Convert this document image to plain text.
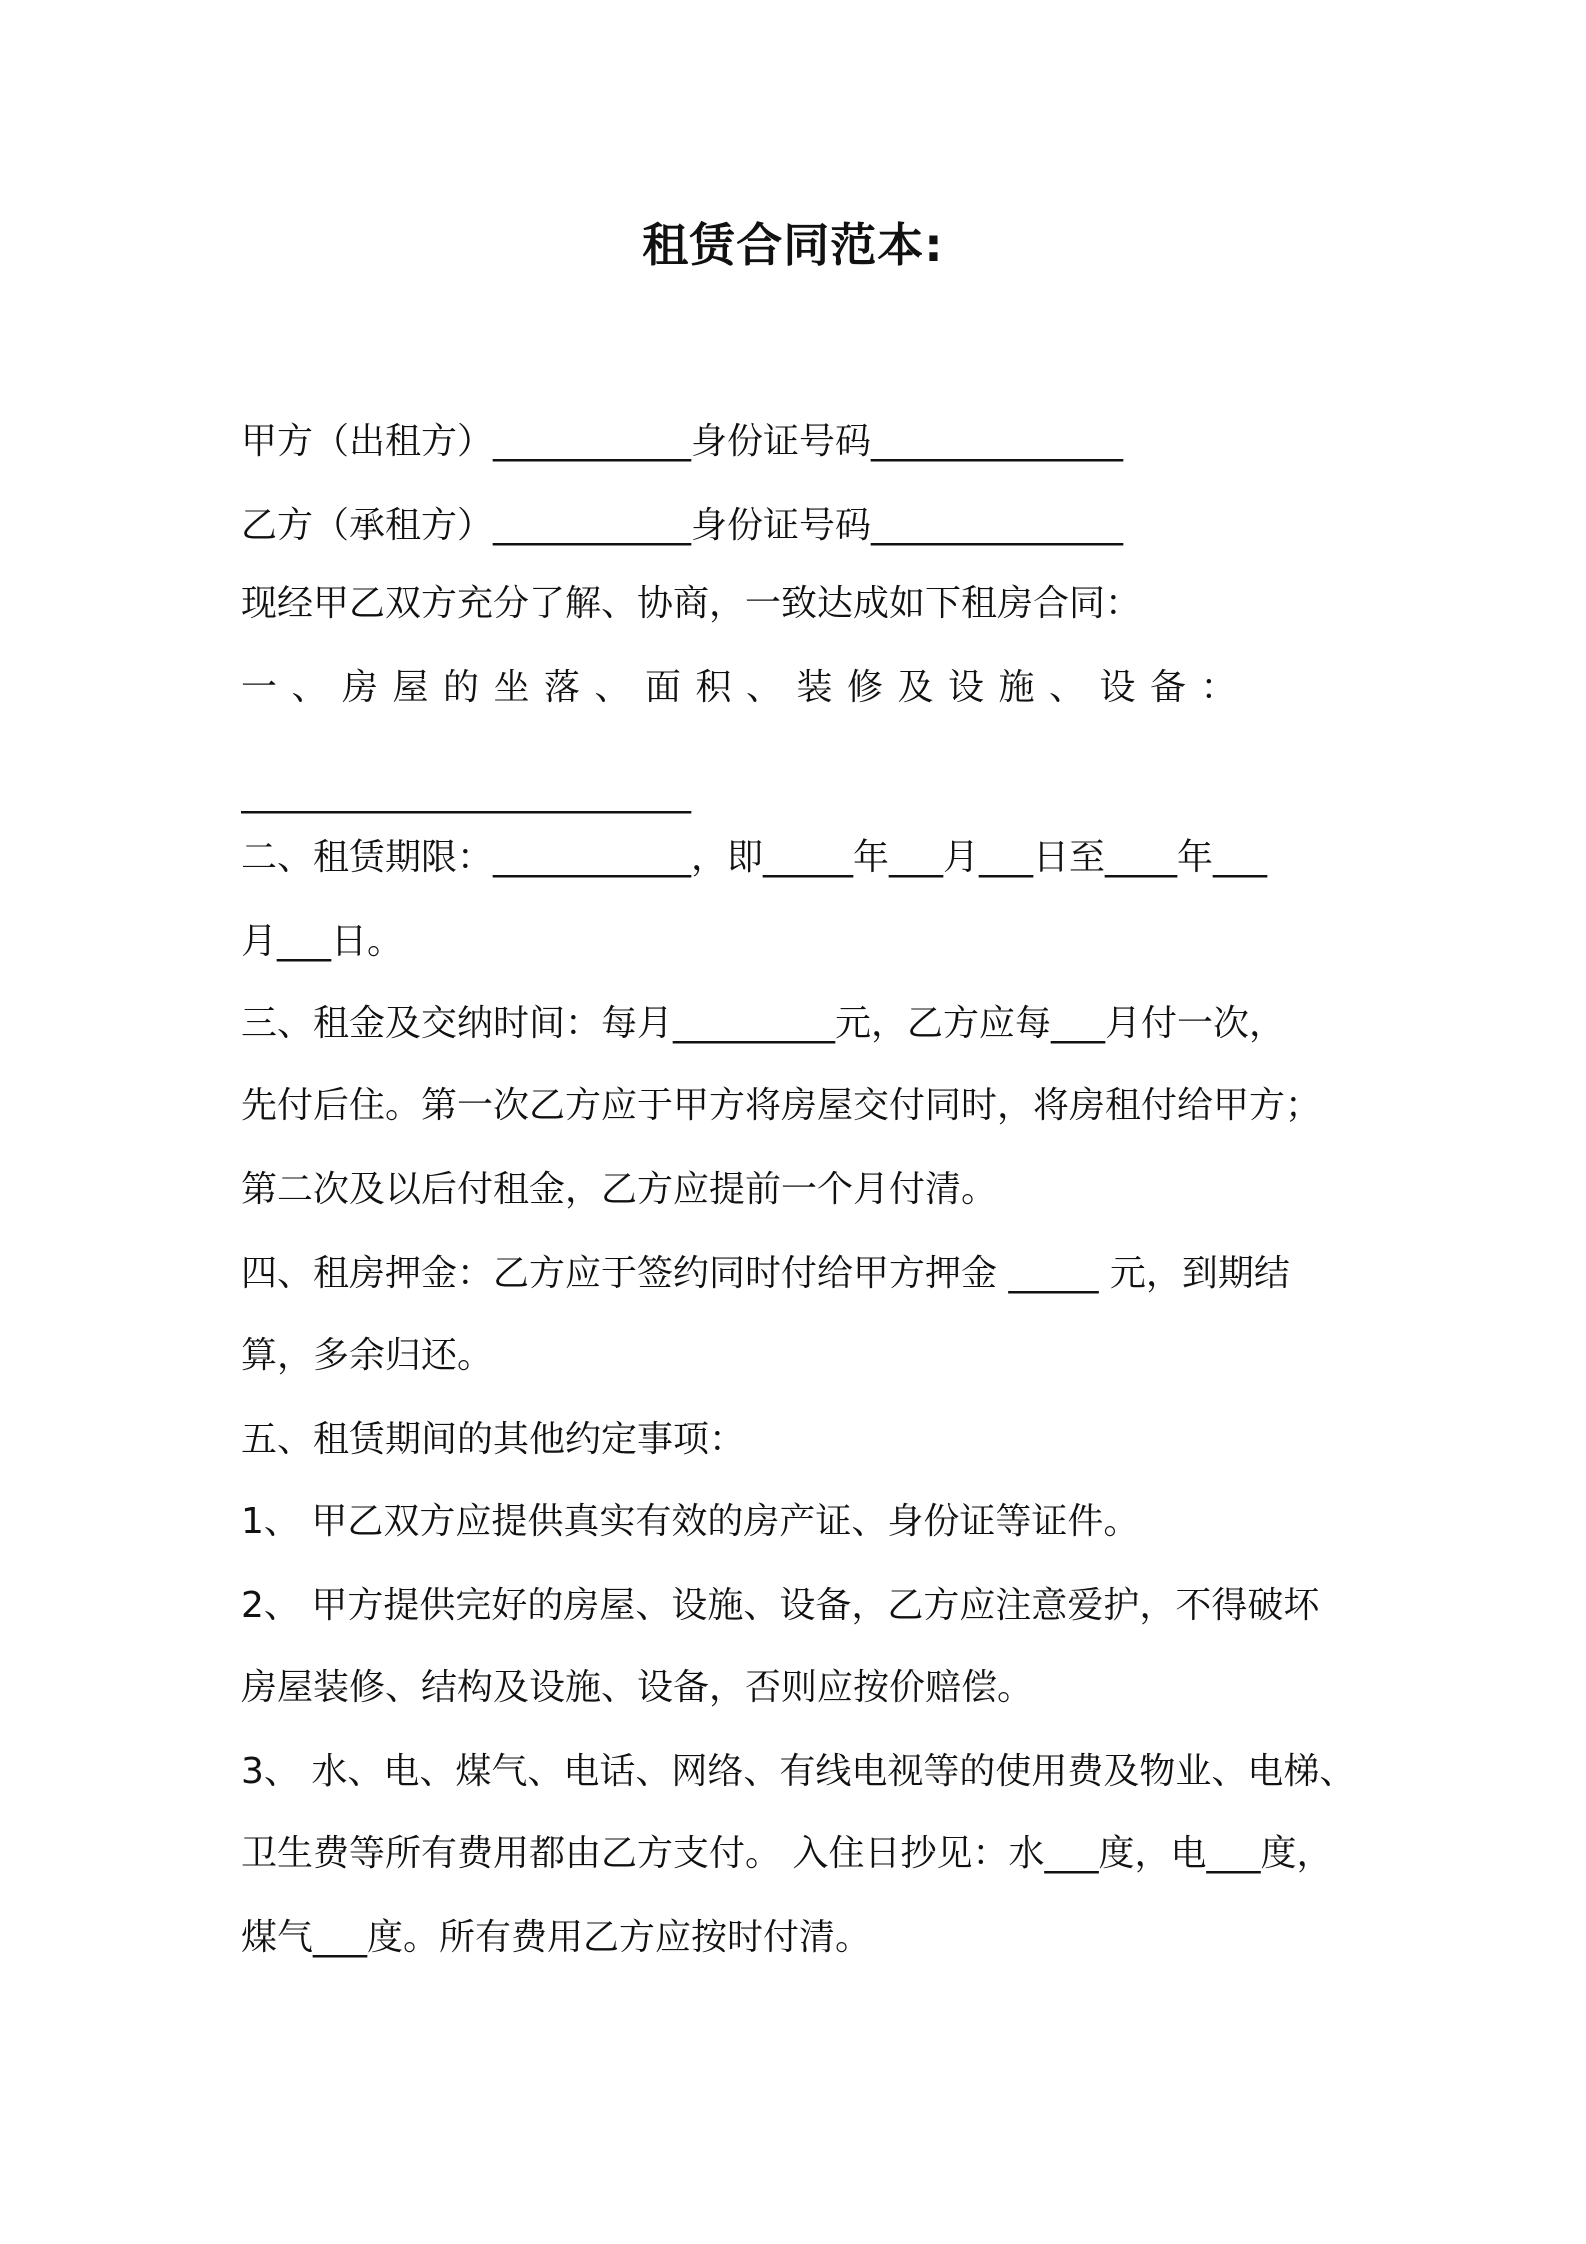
租赁合同范本:
甲方（出租方）___________身份证号码______________
乙方（承租方）___________身份证号码______________
现经甲乙双方充分了解、协商，一致达成如下租房合同：
一、房屋的坐落、面积、装修及设施、设备：
_________________________
二、租赁期限：___________，即_____年___月___日至____年___
月___日。
三、租金及交纳时间：每月_________元，乙方应每___月付一次，
先付后住。第一次乙方应于甲方将房屋交付同时，将房租付给甲方；
第二次及以后付租金，乙方应提前一个月付清。
四、租房押金：乙方应于签约同时付给甲方押金 _____ 元，到期结
算，多余归还。
五、租赁期间的其他约定事项：
1、 甲乙双方应提供真实有效的房产证、身份证等证件。
2、 甲方提供完好的房屋、设施、设备，乙方应注意爱护，不得破坏
房屋装修、结构及设施、设备，否则应按价赔偿。
3、 水、电、煤气、电话、网络、有线电视等的使用费及物业、电梯、
卫生费等所有费用都由乙方支付。 入住日抄见：水___度，电___度，
煤气___度。所有费用乙方应按时付清。
